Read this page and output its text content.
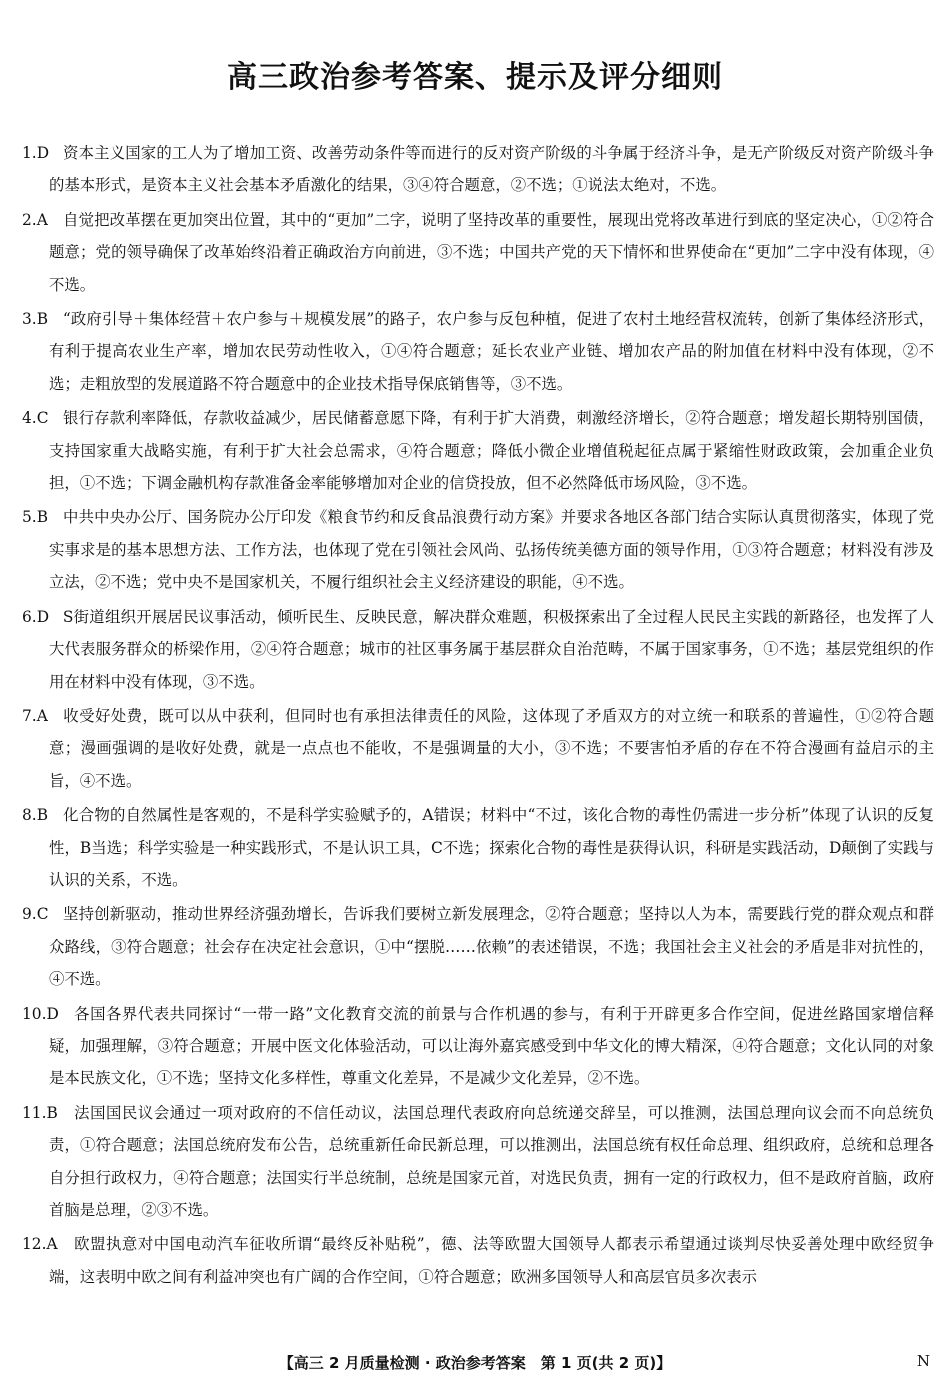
高三政治参考答案、提示及评分细则
1.D 资本主义国家的工人为了增加工资、改善劳动条件等而进行的反对资产阶级的斗争属于经济斗争，是无产阶级反对资产阶级斗争的基本形式，是资本主义社会基本矛盾激化的结果，③④符合题意，②不选；①说法太绝对，不选。
2.A 自觉把改革摆在更加突出位置，其中的“更加”二字，说明了坚持改革的重要性，展现出党将改革进行到底的坚定决心，①②符合题意；党的领导确保了改革始终沿着正确政治方向前进，③不选；中国共产党的天下情怀和世界使命在“更加”二字中没有体现，④不选。
3.B “政府引导＋集体经营＋农户参与＋规模发展”的路子，农户参与反包种植，促进了农村土地经营权流转，创新了集体经济形式，有利于提高农业生产率，增加农民劳动性收入，①④符合题意；延长农业产业链、增加农产品的附加值在材料中没有体现，②不选；走粗放型的发展道路不符合题意中的企业技术指导保底销售等，③不选。
4.C 银行存款利率降低，存款收益减少，居民储蓄意愿下降，有利于扩大消费，刺激经济增长，②符合题意；增发超长期特别国债，支持国家重大战略实施，有利于扩大社会总需求，④符合题意；降低小微企业增值税起征点属于紧缩性财政政策，会加重企业负担，①不选；下调金融机构存款准备金率能够增加对企业的信贷投放，但不必然降低市场风险，③不选。
5.B 中共中央办公厅、国务院办公厅印发《粮食节约和反食品浪费行动方案》并要求各地区各部门结合实际认真贯彻落实，体现了党实事求是的基本思想方法、工作方法，也体现了党在引领社会风尚、弘扬传统美德方面的领导作用，①③符合题意；材料没有涉及立法，②不选；党中央不是国家机关，不履行组织社会主义经济建设的职能，④不选。
6.D S街道组织开展居民议事活动，倾听民生、反映民意，解决群众难题，积极探索出了全过程人民民主实践的新路径，也发挥了人大代表服务群众的桥梁作用，②④符合题意；城市的社区事务属于基层群众自治范畴，不属于国家事务，①不选；基层党组织的作用在材料中没有体现，③不选。
7.A 收受好处费，既可以从中获利，但同时也有承担法律责任的风险，这体现了矛盾双方的对立统一和联系的普遍性，①②符合题意；漫画强调的是收好处费，就是一点点也不能收，不是强调量的大小，③不选；不要害怕矛盾的存在不符合漫画有益启示的主旨，④不选。
8.B 化合物的自然属性是客观的，不是科学实验赋予的，A错误；材料中“不过，该化合物的毒性仍需进一步分析”体现了认识的反复性，B当选；科学实验是一种实践形式，不是认识工具，C不选；探索化合物的毒性是获得认识，科研是实践活动，D颠倒了实践与认识的关系，不选。
9.C 坚持创新驱动，推动世界经济强劲增长，告诉我们要树立新发展理念，②符合题意；坚持以人为本，需要践行党的群众观点和群众路线，③符合题意；社会存在决定社会意识，①中“摆脱……依赖”的表述错误，不选；我国社会主义社会的矛盾是非对抗性的，④不选。
10.D 各国各界代表共同探讨“一带一路”文化教育交流的前景与合作机遇的参与，有利于开辟更多合作空间，促进丝路国家增信释疑，加强理解，③符合题意；开展中医文化体验活动，可以让海外嘉宾感受到中华文化的博大精深，④符合题意；文化认同的对象是本民族文化，①不选；坚持文化多样性，尊重文化差异，不是减少文化差异，②不选。
11.B 法国国民议会通过一项对政府的不信任动议，法国总理代表政府向总统递交辞呈，可以推测，法国总理向议会而不向总统负责，①符合题意；法国总统府发布公告，总统重新任命民新总理，可以推测出，法国总统有权任命总理、组织政府，总统和总理各自分担行政权力，④符合题意；法国实行半总统制，总统是国家元首，对选民负责，拥有一定的行政权力，但不是政府首脑，政府首脑是总理，②③不选。
12.A 欧盟执意对中国电动汽车征收所谓“最终反补贴税”，德、法等欧盟大国领导人都表示希望通过谈判尽快妥善处理中欧经贸争端，这表明中欧之间有利益冲突也有广阔的合作空间，①符合题意；欧洲多国领导人和高层官员多次表示
【高三 2 月质量检测 · 政治参考答案　第 1 页(共 2 页)】	N
